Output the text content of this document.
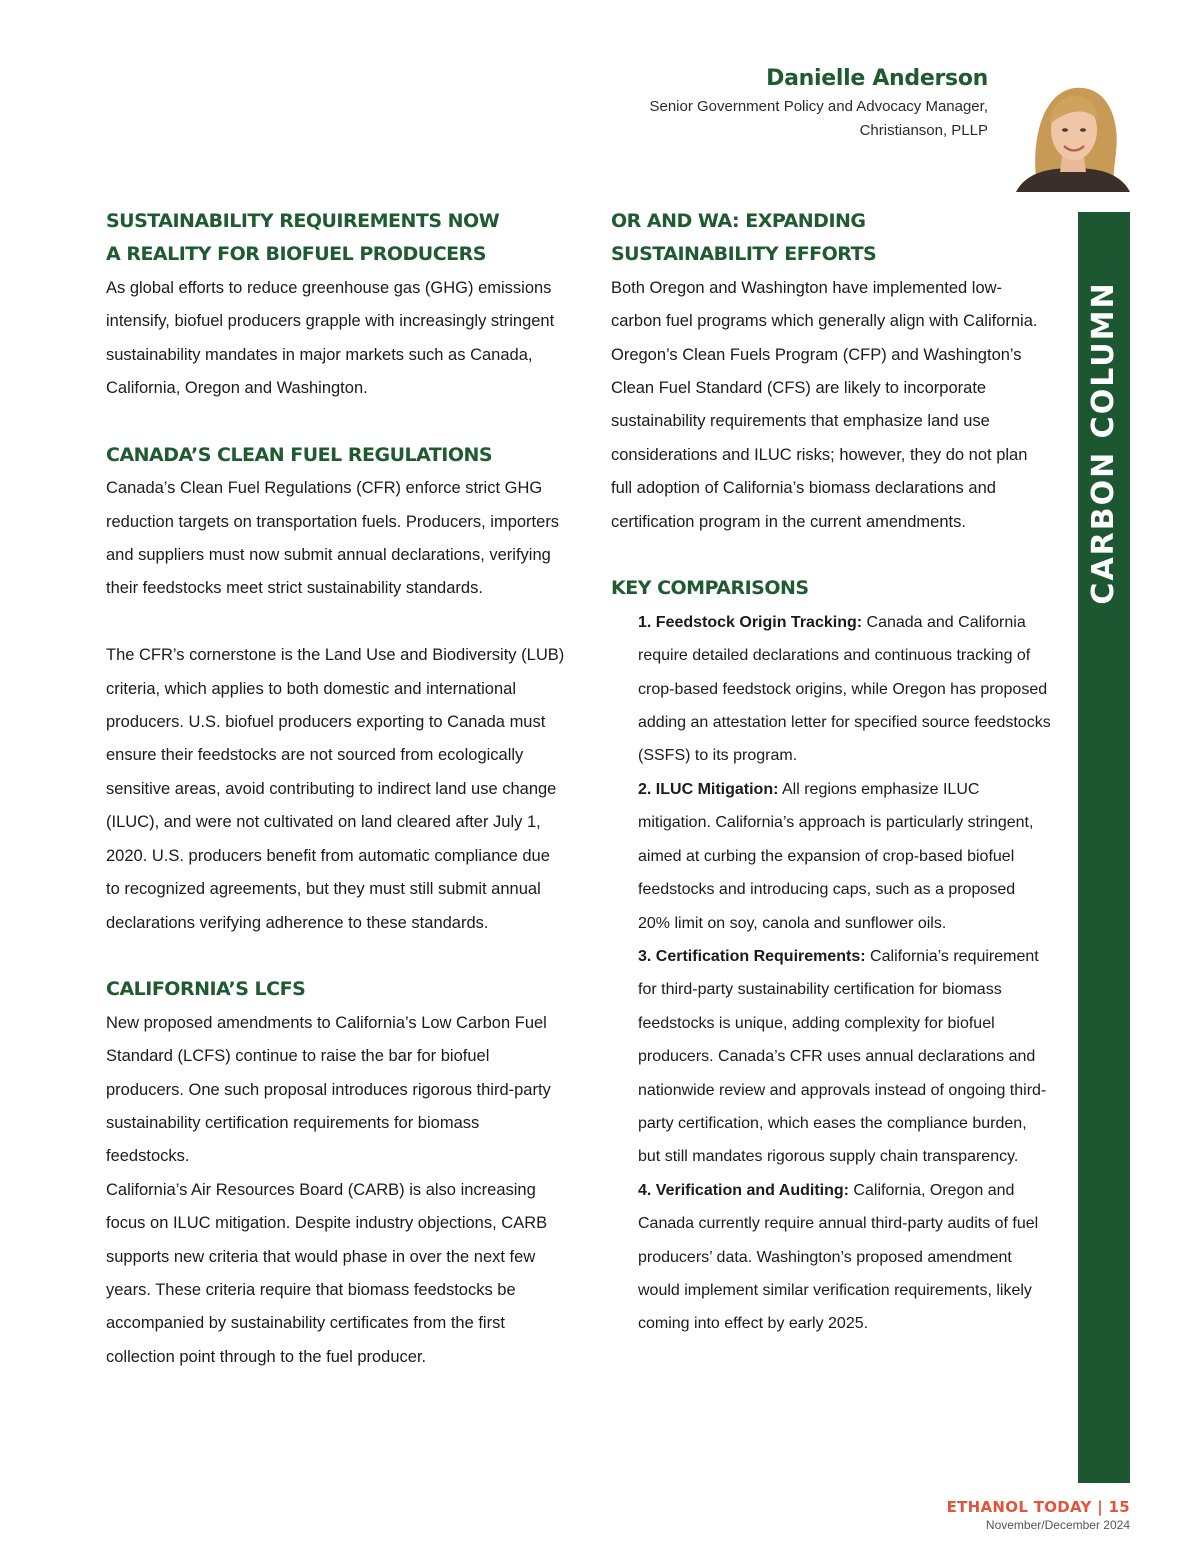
Danielle Anderson
Senior Government Policy and Advocacy Manager,
Christianson, PLLP
CARBON COLUMN
SUSTAINABILITY REQUIREMENTS NOW
A REALITY FOR BIOFUEL PRODUCERS

As global efforts to reduce greenhouse gas (GHG) emissions intensify, biofuel producers grapple with increasingly stringent sustainability mandates in major markets such as Canada, California, Oregon and Washington.

CANADA’S CLEAN FUEL REGULATIONS

Canada’s Clean Fuel Regulations (CFR) enforce strict GHG reduction targets on transportation fuels. Producers, importers and suppliers must now submit annual declarations, verifying their feedstocks meet strict sustainability standards.

The CFR’s cornerstone is the Land Use and Biodiversity (LUB) criteria, which applies to both domestic and international producers. U.S. biofuel producers exporting to Canada must ensure their feedstocks are not sourced from ecologically sensitive areas, avoid contributing to indirect land use change (ILUC), and were not cultivated on land cleared after July 1, 2020. U.S. producers benefit from automatic compliance due to recognized agreements, but they must still submit annual declarations verifying adherence to these standards.

CALIFORNIA’S LCFS

New proposed amendments to California’s Low Carbon Fuel Standard (LCFS) continue to raise the bar for biofuel producers. One such proposal introduces rigorous third-party sustainability certification requirements for biomass feedstocks.

California’s Air Resources Board (CARB) is also increasing focus on ILUC mitigation. Despite industry objections, CARB supports new criteria that would phase in over the next few years. These criteria require that biomass feedstocks be accompanied by sustainability certificates from the first collection point through to the fuel producer.

OR AND WA: EXPANDING
SUSTAINABILITY EFFORTS

Both Oregon and Washington have implemented low-carbon fuel programs which generally align with California. Oregon’s Clean Fuels Program (CFP) and Washington’s Clean Fuel Standard (CFS) are likely to incorporate sustainability requirements that emphasize land use considerations and ILUC risks; however, they do not plan full adoption of California’s biomass declarations and certification program in the current amendments.

KEY COMPARISONS

1. Feedstock Origin Tracking: Canada and California require detailed declarations and continuous tracking of crop-based feedstock origins, while Oregon has proposed adding an attestation letter for specified source feedstocks (SSFS) to its program.

2. ILUC Mitigation: All regions emphasize ILUC mitigation. California’s approach is particularly stringent, aimed at curbing the expansion of crop-based biofuel feedstocks and introducing caps, such as a proposed 20% limit on soy, canola and sunflower oils.

3. Certification Requirements: California’s requirement for third-party sustainability certification for biomass feedstocks is unique, adding complexity for biofuel producers. Canada’s CFR uses annual declarations and nationwide review and approvals instead of ongoing third-party certification, which eases the compliance burden, but still mandates rigorous supply chain transparency.

4. Verification and Auditing: California, Oregon and Canada currently require annual third-party audits of fuel producers’ data. Washington’s proposed amendment would implement similar verification requirements, likely coming into effect by early 2025.

ETHANOL TODAY | 15
November/December 2024
